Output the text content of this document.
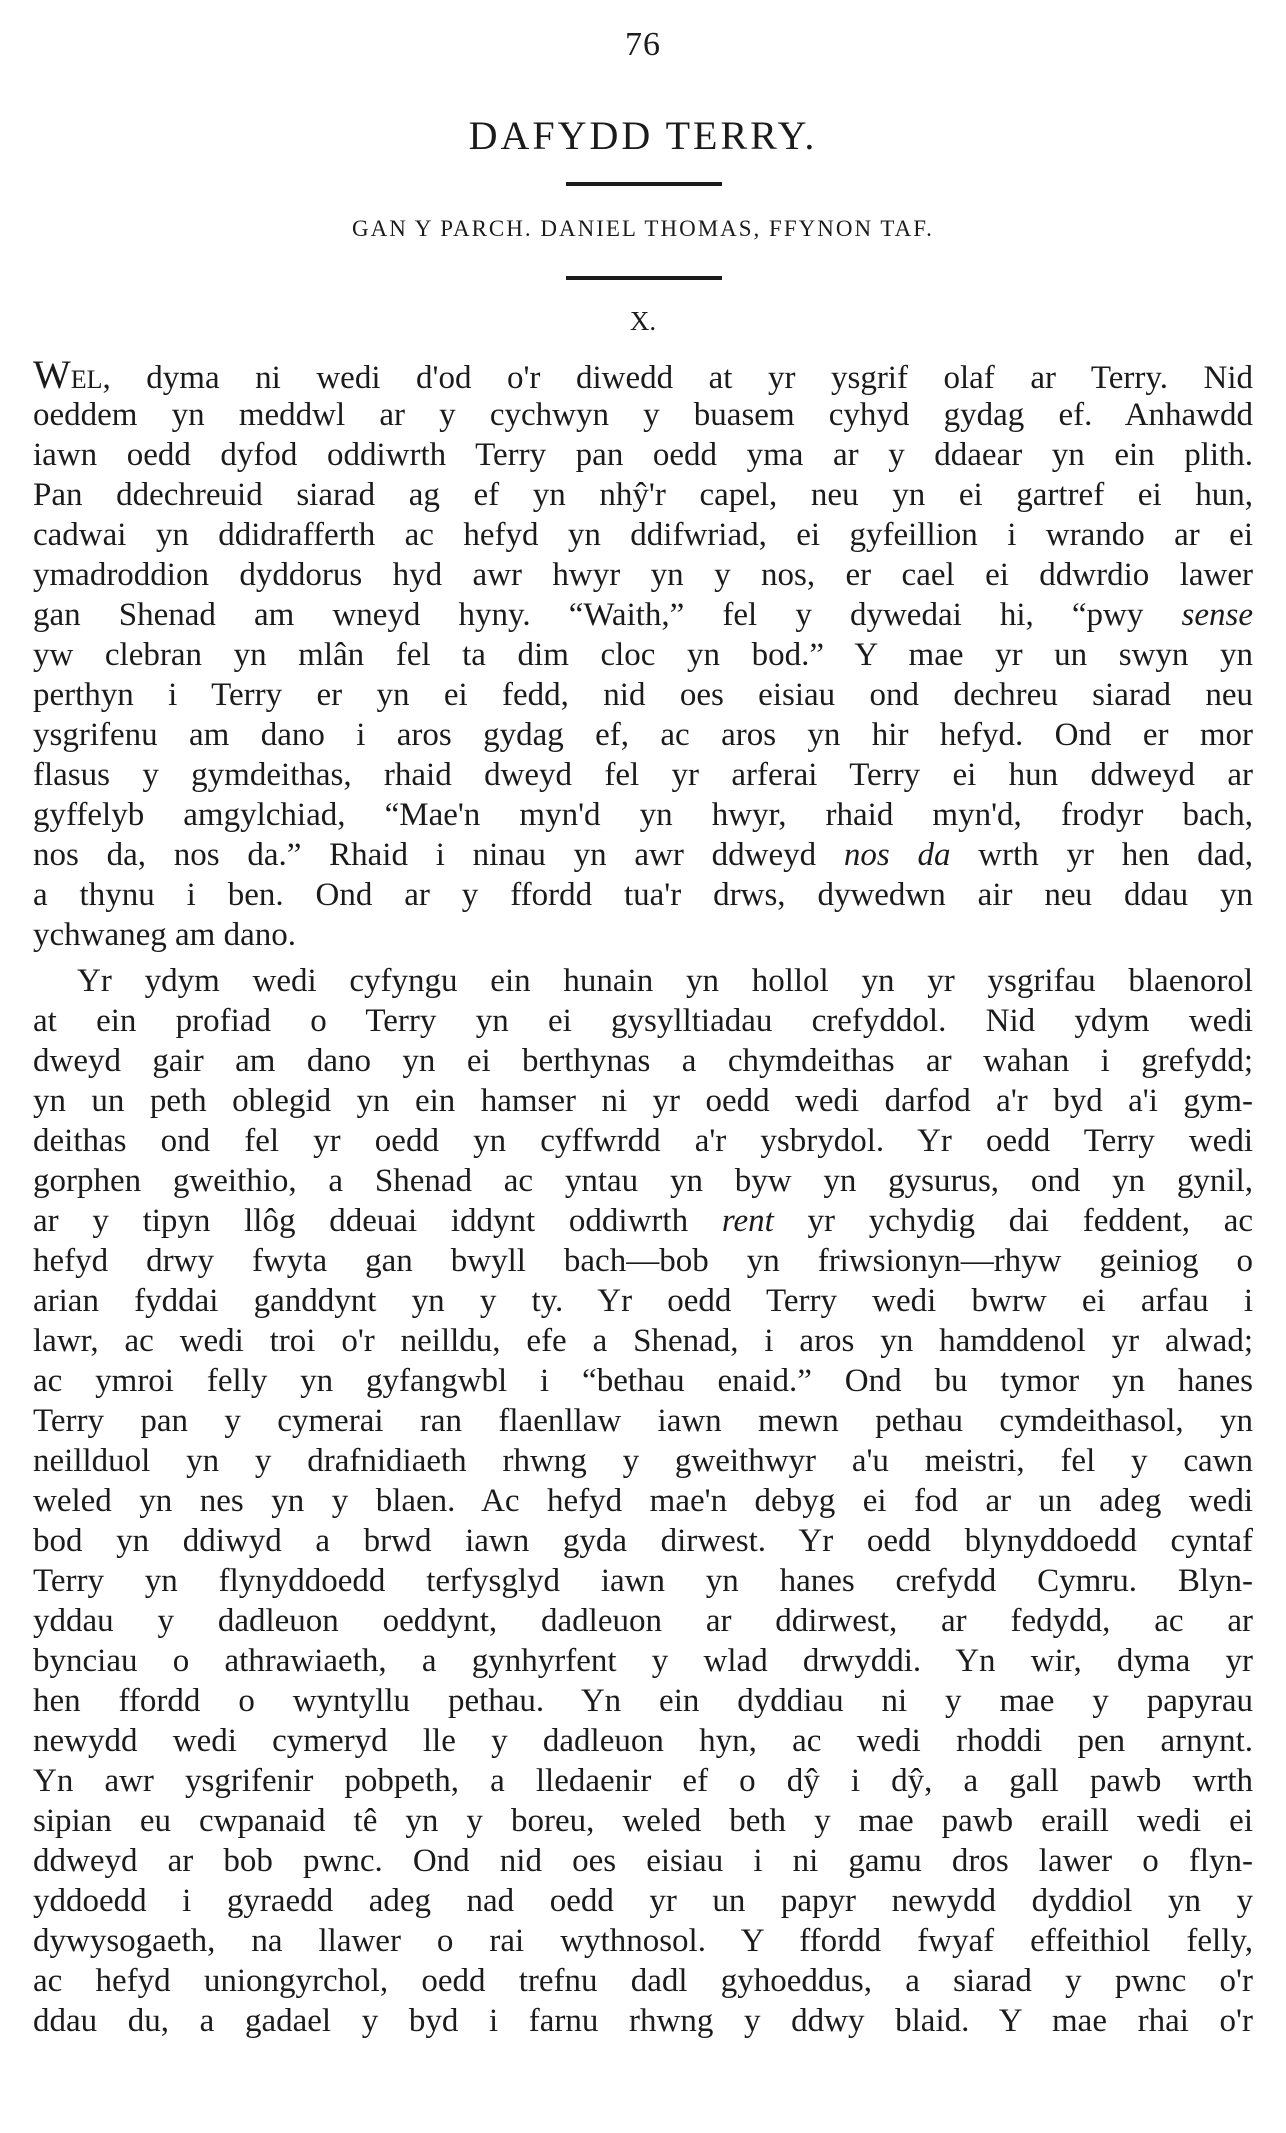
76
DAFYDD TERRY.
GAN Y PARCH. DANIEL THOMAS, FFYNON TAF.
X.
WEL, dyma ni wedi d'od o'r diwedd at yr ysgrif olaf ar Terry. Nid
oeddem yn meddwl ar y cychwyn y buasem cyhyd gydag ef. Anhawdd
iawn oedd dyfod oddiwrth Terry pan oedd yma ar y ddaear yn ein plith.
Pan ddechreuid siarad ag ef yn nhŷ'r capel, neu yn ei gartref ei hun,
cadwai yn ddidrafferth ac hefyd yn ddifwriad, ei gyfeillion i wrando ar ei
ymadroddion dyddorus hyd awr hwyr yn y nos, er cael ei ddwrdio lawer
gan Shenad am wneyd hyny. “Waith,” fel y dywedai hi, “pwy sense
yw clebran yn mlân fel ta dim cloc yn bod.” Y mae yr un swyn yn
perthyn i Terry er yn ei fedd, nid oes eisiau ond dechreu siarad neu
ysgrifenu am dano i aros gydag ef, ac aros yn hir hefyd. Ond er mor
flasus y gymdeithas, rhaid dweyd fel yr arferai Terry ei hun ddweyd ar
gyffelyb amgylchiad, “Mae'n myn'd yn hwyr, rhaid myn'd, frodyr bach,
nos da, nos da.” Rhaid i ninau yn awr ddweyd nos da wrth yr hen dad,
a thynu i ben. Ond ar y ffordd tua'r drws, dywedwn air neu ddau yn
ychwaneg am dano.
Yr ydym wedi cyfyngu ein hunain yn hollol yn yr ysgrifau blaenorol
at ein profiad o Terry yn ei gysylltiadau crefyddol. Nid ydym wedi
dweyd gair am dano yn ei berthynas a chymdeithas ar wahan i grefydd;
yn un peth oblegid yn ein hamser ni yr oedd wedi darfod a'r byd a'i gym-
deithas ond fel yr oedd yn cyffwrdd a'r ysbrydol. Yr oedd Terry wedi
gorphen gweithio, a Shenad ac yntau yn byw yn gysurus, ond yn gynil,
ar y tipyn llôg ddeuai iddynt oddiwrth rent yr ychydig dai feddent, ac
hefyd drwy fwyta gan bwyll bach—bob yn friwsionyn—rhyw geiniog o
arian fyddai ganddynt yn y ty. Yr oedd Terry wedi bwrw ei arfau i
lawr, ac wedi troi o'r neilldu, efe a Shenad, i aros yn hamddenol yr alwad;
ac ymroi felly yn gyfangwbl i “bethau enaid.” Ond bu tymor yn hanes
Terry pan y cymerai ran flaenllaw iawn mewn pethau cymdeithasol, yn
neillduol yn y drafnidiaeth rhwng y gweithwyr a'u meistri, fel y cawn
weled yn nes yn y blaen. Ac hefyd mae'n debyg ei fod ar un adeg wedi
bod yn ddiwyd a brwd iawn gyda dirwest. Yr oedd blynyddoedd cyntaf
Terry yn flynyddoedd terfysglyd iawn yn hanes crefydd Cymru. Blyn-
yddau y dadleuon oeddynt, dadleuon ar ddirwest, ar fedydd, ac ar
bynciau o athrawiaeth, a gynhyrfent y wlad drwyddi. Yn wir, dyma yr
hen ffordd o wyntyllu pethau. Yn ein dyddiau ni y mae y papyrau
newydd wedi cymeryd lle y dadleuon hyn, ac wedi rhoddi pen arnynt.
Yn awr ysgrifenir pobpeth, a lledaenir ef o dŷ i dŷ, a gall pawb wrth
sipian eu cwpanaid tê yn y boreu, weled beth y mae pawb eraill wedi ei
ddweyd ar bob pwnc. Ond nid oes eisiau i ni gamu dros lawer o flyn-
yddoedd i gyraedd adeg nad oedd yr un papyr newydd dyddiol yn y
dywysogaeth, na llawer o rai wythnosol. Y ffordd fwyaf effeithiol felly,
ac hefyd uniongyrchol, oedd trefnu dadl gyhoeddus, a siarad y pwnc o'r
ddau du, a gadael y byd i farnu rhwng y ddwy blaid. Y mae rhai o'r
